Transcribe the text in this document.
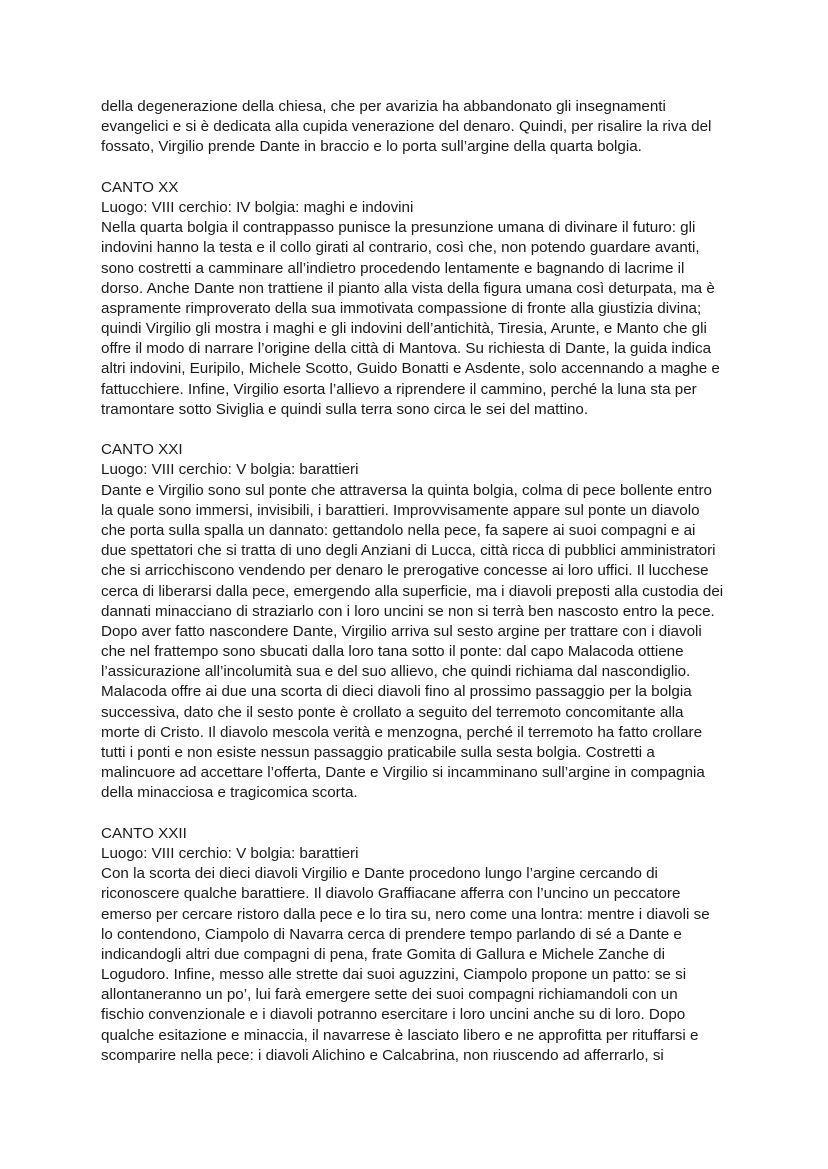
della degenerazione della chiesa, che per avarizia ha abbandonato gli insegnamenti

evangelici e si è dedicata alla cupida venerazione del denaro. Quindi, per risalire la riva del

fossato, Virgilio prende Dante in braccio e lo porta sull’argine della quarta bolgia.

CANTO XX

Luogo: VIII cerchio: IV bolgia: maghi e indovini

Nella quarta bolgia il contrappasso punisce la presunzione umana di divinare il futuro: gli

indovini hanno la testa e il collo girati al contrario, così che, non potendo guardare avanti,

sono costretti a camminare all’indietro procedendo lentamente e bagnando di lacrime il

dorso. Anche Dante non trattiene il pianto alla vista della figura umana così deturpata, ma è

aspramente rimproverato della sua immotivata compassione di fronte alla giustizia divina;

quindi Virgilio gli mostra i maghi e gli indovini dell’antichità, Tiresia, Arunte, e Manto che gli

offre il modo di narrare l’origine della città di Mantova. Su richiesta di Dante, la guida indica

altri indovini, Euripilo, Michele Scotto, Guido Bonatti e Asdente, solo accennando a maghe e

fattucchiere. Infine, Virgilio esorta l’allievo a riprendere il cammino, perché la luna sta per

tramontare sotto Siviglia e quindi sulla terra sono circa le sei del mattino.

CANTO XXI

Luogo: VIII cerchio: V bolgia: barattieri

Dante e Virgilio sono sul ponte che attraversa la quinta bolgia, colma di pece bollente entro

la quale sono immersi, invisibili, i barattieri. Improvvisamente appare sul ponte un diavolo

che porta sulla spalla un dannato: gettandolo nella pece, fa sapere ai suoi compagni e ai

due spettatori che si tratta di uno degli Anziani di Lucca, città ricca di pubblici amministratori

che si arricchiscono vendendo per denaro le prerogative concesse ai loro uffici. Il lucchese

cerca di liberarsi dalla pece, emergendo alla superficie, ma i diavoli preposti alla custodia dei

dannati minacciano di straziarlo con i loro uncini se non si terrà ben nascosto entro la pece.

Dopo aver fatto nascondere Dante, Virgilio arriva sul sesto argine per trattare con i diavoli

che nel frattempo sono sbucati dalla loro tana sotto il ponte: dal capo Malacoda ottiene

l’assicurazione all’incolumità sua e del suo allievo, che quindi richiama dal nascondiglio.

Malacoda offre ai due una scorta di dieci diavoli fino al prossimo passaggio per la bolgia

successiva, dato che il sesto ponte è crollato a seguito del terremoto concomitante alla

morte di Cristo. Il diavolo mescola verità e menzogna, perché il terremoto ha fatto crollare

tutti i ponti e non esiste nessun passaggio praticabile sulla sesta bolgia. Costretti a

malincuore ad accettare l’offerta, Dante e Virgilio si incamminano sull’argine in compagnia

della minacciosa e tragicomica scorta.

CANTO XXII

Luogo: VIII cerchio: V bolgia: barattieri

Con la scorta dei dieci diavoli Virgilio e Dante procedono lungo l’argine cercando di

riconoscere qualche barattiere. Il diavolo Graffiacane afferra con l’uncino un peccatore

emerso per cercare ristoro dalla pece e lo tira su, nero come una lontra: mentre i diavoli se

lo contendono, Ciampolo di Navarra cerca di prendere tempo parlando di sé a Dante e

indicandogli altri due compagni di pena, frate Gomita di Gallura e Michele Zanche di

Logudoro. Infine, messo alle strette dai suoi aguzzini, Ciampolo propone un patto: se si

allontaneranno un po’, lui farà emergere sette dei suoi compagni richiamandoli con un

fischio convenzionale e i diavoli potranno esercitare i loro uncini anche su di loro. Dopo

qualche esitazione e minaccia, il navarrese è lasciato libero e ne approfitta per rituffarsi e

scomparire nella pece: i diavoli Alichino e Calcabrina, non riuscendo ad afferrarlo, si
